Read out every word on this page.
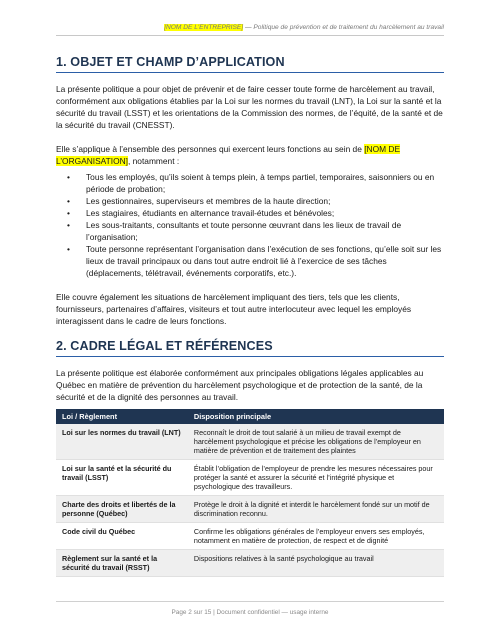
[NOM DE L'ENTREPRISE] — Politique de prévention et de traitement du harcèlement au travail
1. OBJET ET CHAMP D’APPLICATION

La présente politique a pour objet de prévenir et de faire cesser toute forme de harcèlement au travail, conformément aux obligations établies par la Loi sur les normes du travail (LNT), la Loi sur la santé et la sécurité du travail (LSST) et les orientations de la Commission des normes, de l’équité, de la santé et de la sécurité du travail (CNESST).

Elle s’applique à l’ensemble des personnes qui exercent leurs fonctions au sein de [NOM DE L’ORGANISATION], notamment :

• Tous les employés, qu’ils soient à temps plein, à temps partiel, temporaires, saisonniers ou en période de probation;
• Les gestionnaires, superviseurs et membres de la haute direction;
• Les stagiaires, étudiants en alternance travail-études et bénévoles;
• Les sous-traitants, consultants et toute personne œuvrant dans les lieux de travail de l’organisation;
• Toute personne représentant l’organisation dans l’exécution de ses fonctions, qu’elle soit sur les lieux de travail principaux ou dans tout autre endroit lié à l’exercice de ses tâches (déplacements, télétravail, événements corporatifs, etc.).

Elle couvre également les situations de harcèlement impliquant des tiers, tels que les clients, fournisseurs, partenaires d’affaires, visiteurs et tout autre interlocuteur avec lequel les employés interagissent dans le cadre de leurs fonctions.

2. CADRE LÉGAL ET RÉFÉRENCES

La présente politique est élaborée conformément aux principales obligations légales applicables au Québec en matière de prévention du harcèlement psychologique et de protection de la santé, de la sécurité et de la dignité des personnes au travail.

Loi / Règlement	Disposition principale
Loi sur les normes du travail (LNT)	Reconnaît le droit de tout salarié à un milieu de travail exempt de harcèlement psychologique et précise les obligations de l’employeur en matière de prévention et de traitement des plaintes
Loi sur la santé et la sécurité du travail (LSST)	Établit l’obligation de l’employeur de prendre les mesures nécessaires pour protéger la santé et assurer la sécurité et l’intégrité physique et psychologique des travailleurs.
Charte des droits et libertés de la personne (Québec)	Protège le droit à la dignité et interdit le harcèlement fondé sur un motif de discrimination reconnu.
Code civil du Québec	Confirme les obligations générales de l’employeur envers ses employés, notamment en matière de protection, de respect et de dignité
Règlement sur la santé et la sécurité du travail (RSST)	Dispositions relatives à la santé psychologique au travail
Page 2 sur 15 | Document confidentiel — usage interne
